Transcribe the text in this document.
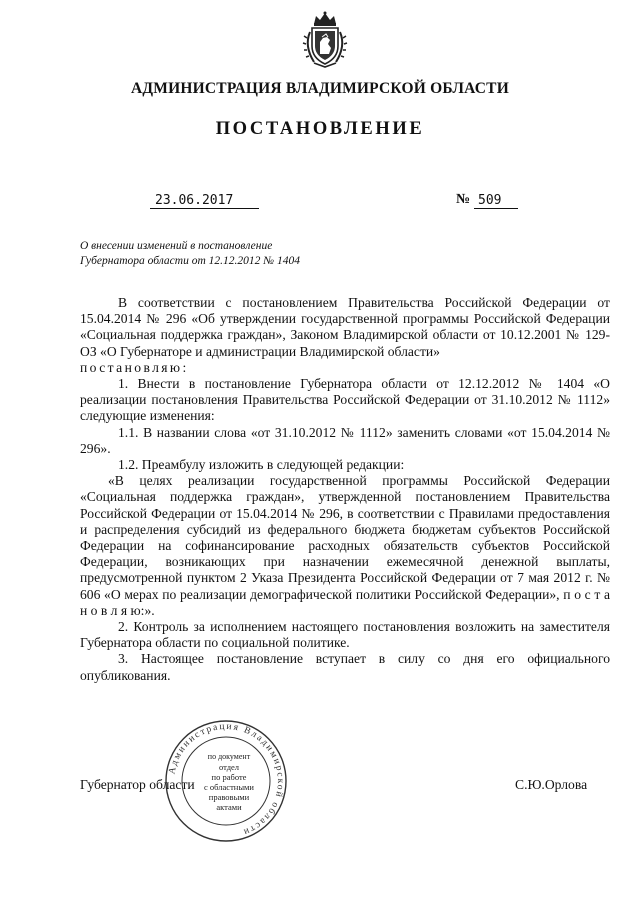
АДМИНИСТРАЦИЯ ВЛАДИМИРСКОЙ ОБЛАСТИ
ПОСТАНОВЛЕНИЕ
23.06.2017	№ 509
О внесении изменений в постановление
Губернатора области от 12.12.2012 № 1404

В соответствии с постановлением Правительства Российской Федерации от 15.04.2014 № 296 «Об утверждении государственной программы Российской Федерации «Социальная поддержка граждан», Законом Владимирской области от 10.12.2001 № 129-ОЗ «О Губернаторе и администрации Владимирской области»

постановляю:

1. Внести в постановление Губернатора области от 12.12.2012 № 1404 «О реализации постановления Правительства Российской Федерации от 31.10.2012 № 1112» следующие изменения:

1.1. В названии слова «от 31.10.2012 № 1112» заменить словами «от 15.04.2014 № 296».

1.2. Преамбулу изложить в следующей редакции:

«В целях реализации государственной программы Российской Федерации «Социальная поддержка граждан», утвержденной постановлением Правительства Российской Федерации от 15.04.2014 № 296, в соответствии с Правилами предоставления и распределения субсидий из федерального бюджета бюджетам субъектов Российской Федерации на софинансирование расходных обязательств субъектов Российской Федерации, возникающих при назначении ежемесячной денежной выплаты, предусмотренной пунктом 2 Указа Президента Российской Федерации от 7 мая 2012 г. № 606 «О мерах по реализации демографической политики Российской Федерации», п о с т а н о в л я ю:».

2. Контроль за исполнением настоящего постановления возложить на заместителя Губернатора области по социальной политике.

3. Настоящее постановление вступает в силу со дня его официального опубликования.

Администрация Владимирской области
по документ
отдел
по работе
с областными
правовыми
актами
Губернатор области	С.Ю.Орлова
